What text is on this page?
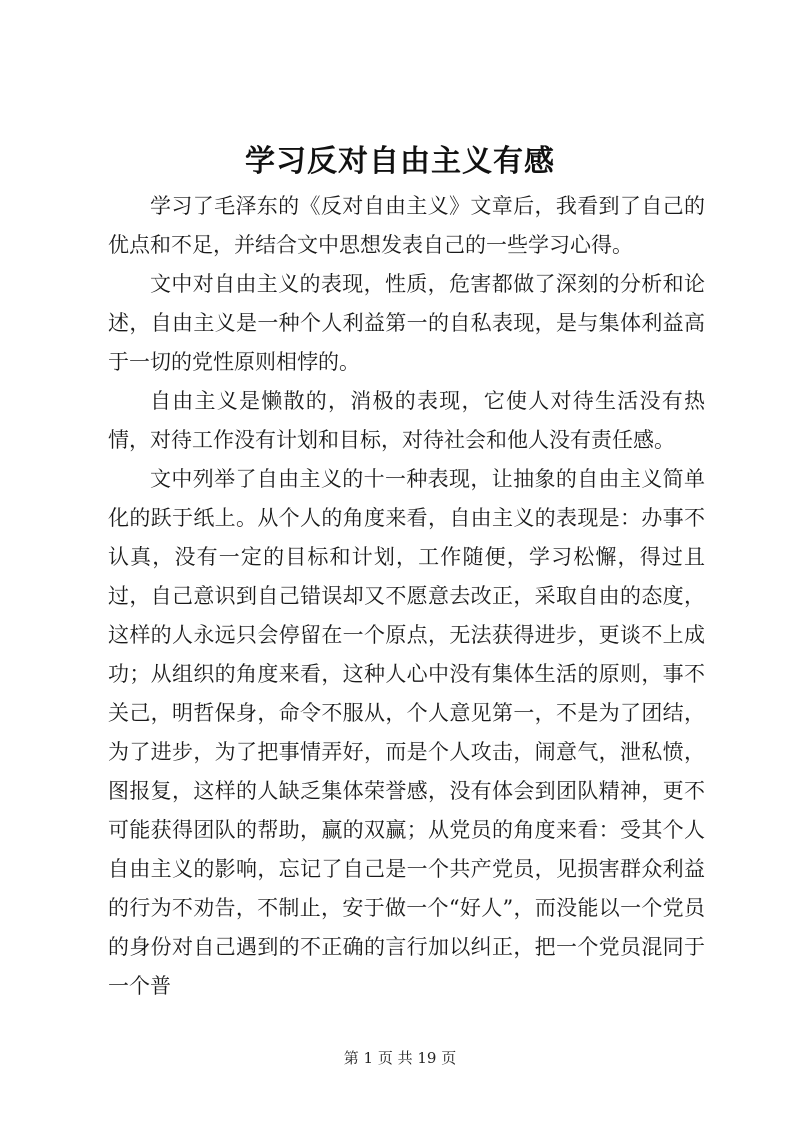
学习反对自由主义有感

学习了毛泽东的《反对自由主义》文章后，我看到了自己的优点和不足，并结合文中思想发表自己的一些学习心得。

文中对自由主义的表现，性质，危害都做了深刻的分析和论述，自由主义是一种个人利益第一的自私表现，是与集体利益高于一切的党性原则相悖的。

自由主义是懒散的，消极的表现，它使人对待生活没有热情，对待工作没有计划和目标，对待社会和他人没有责任感。

文中列举了自由主义的十一种表现，让抽象的自由主义简单化的跃于纸上。从个人的角度来看，自由主义的表现是：办事不认真，没有一定的目标和计划，工作随便，学习松懈，得过且过，自己意识到自己错误却又不愿意去改正，采取自由的态度，这样的人永远只会停留在一个原点，无法获得进步，更谈不上成功；从组织的角度来看，这种人心中没有集体生活的原则，事不关己，明哲保身，命令不服从，个人意见第一，不是为了团结，为了进步，为了把事情弄好，而是个人攻击，闹意气，泄私愤，图报复，这样的人缺乏集体荣誉感，没有体会到团队精神，更不可能获得团队的帮助，赢的双赢；从党员的角度来看：受其个人自由主义的影响，忘记了自己是一个共产党员，见损害群众利益的行为不劝告，不制止，安于做一个“好人”，而没能以一个党员的身份对自己遇到的不正确的言行加以纠正，把一个党员混同于一个普

第 1 页 共 19 页
